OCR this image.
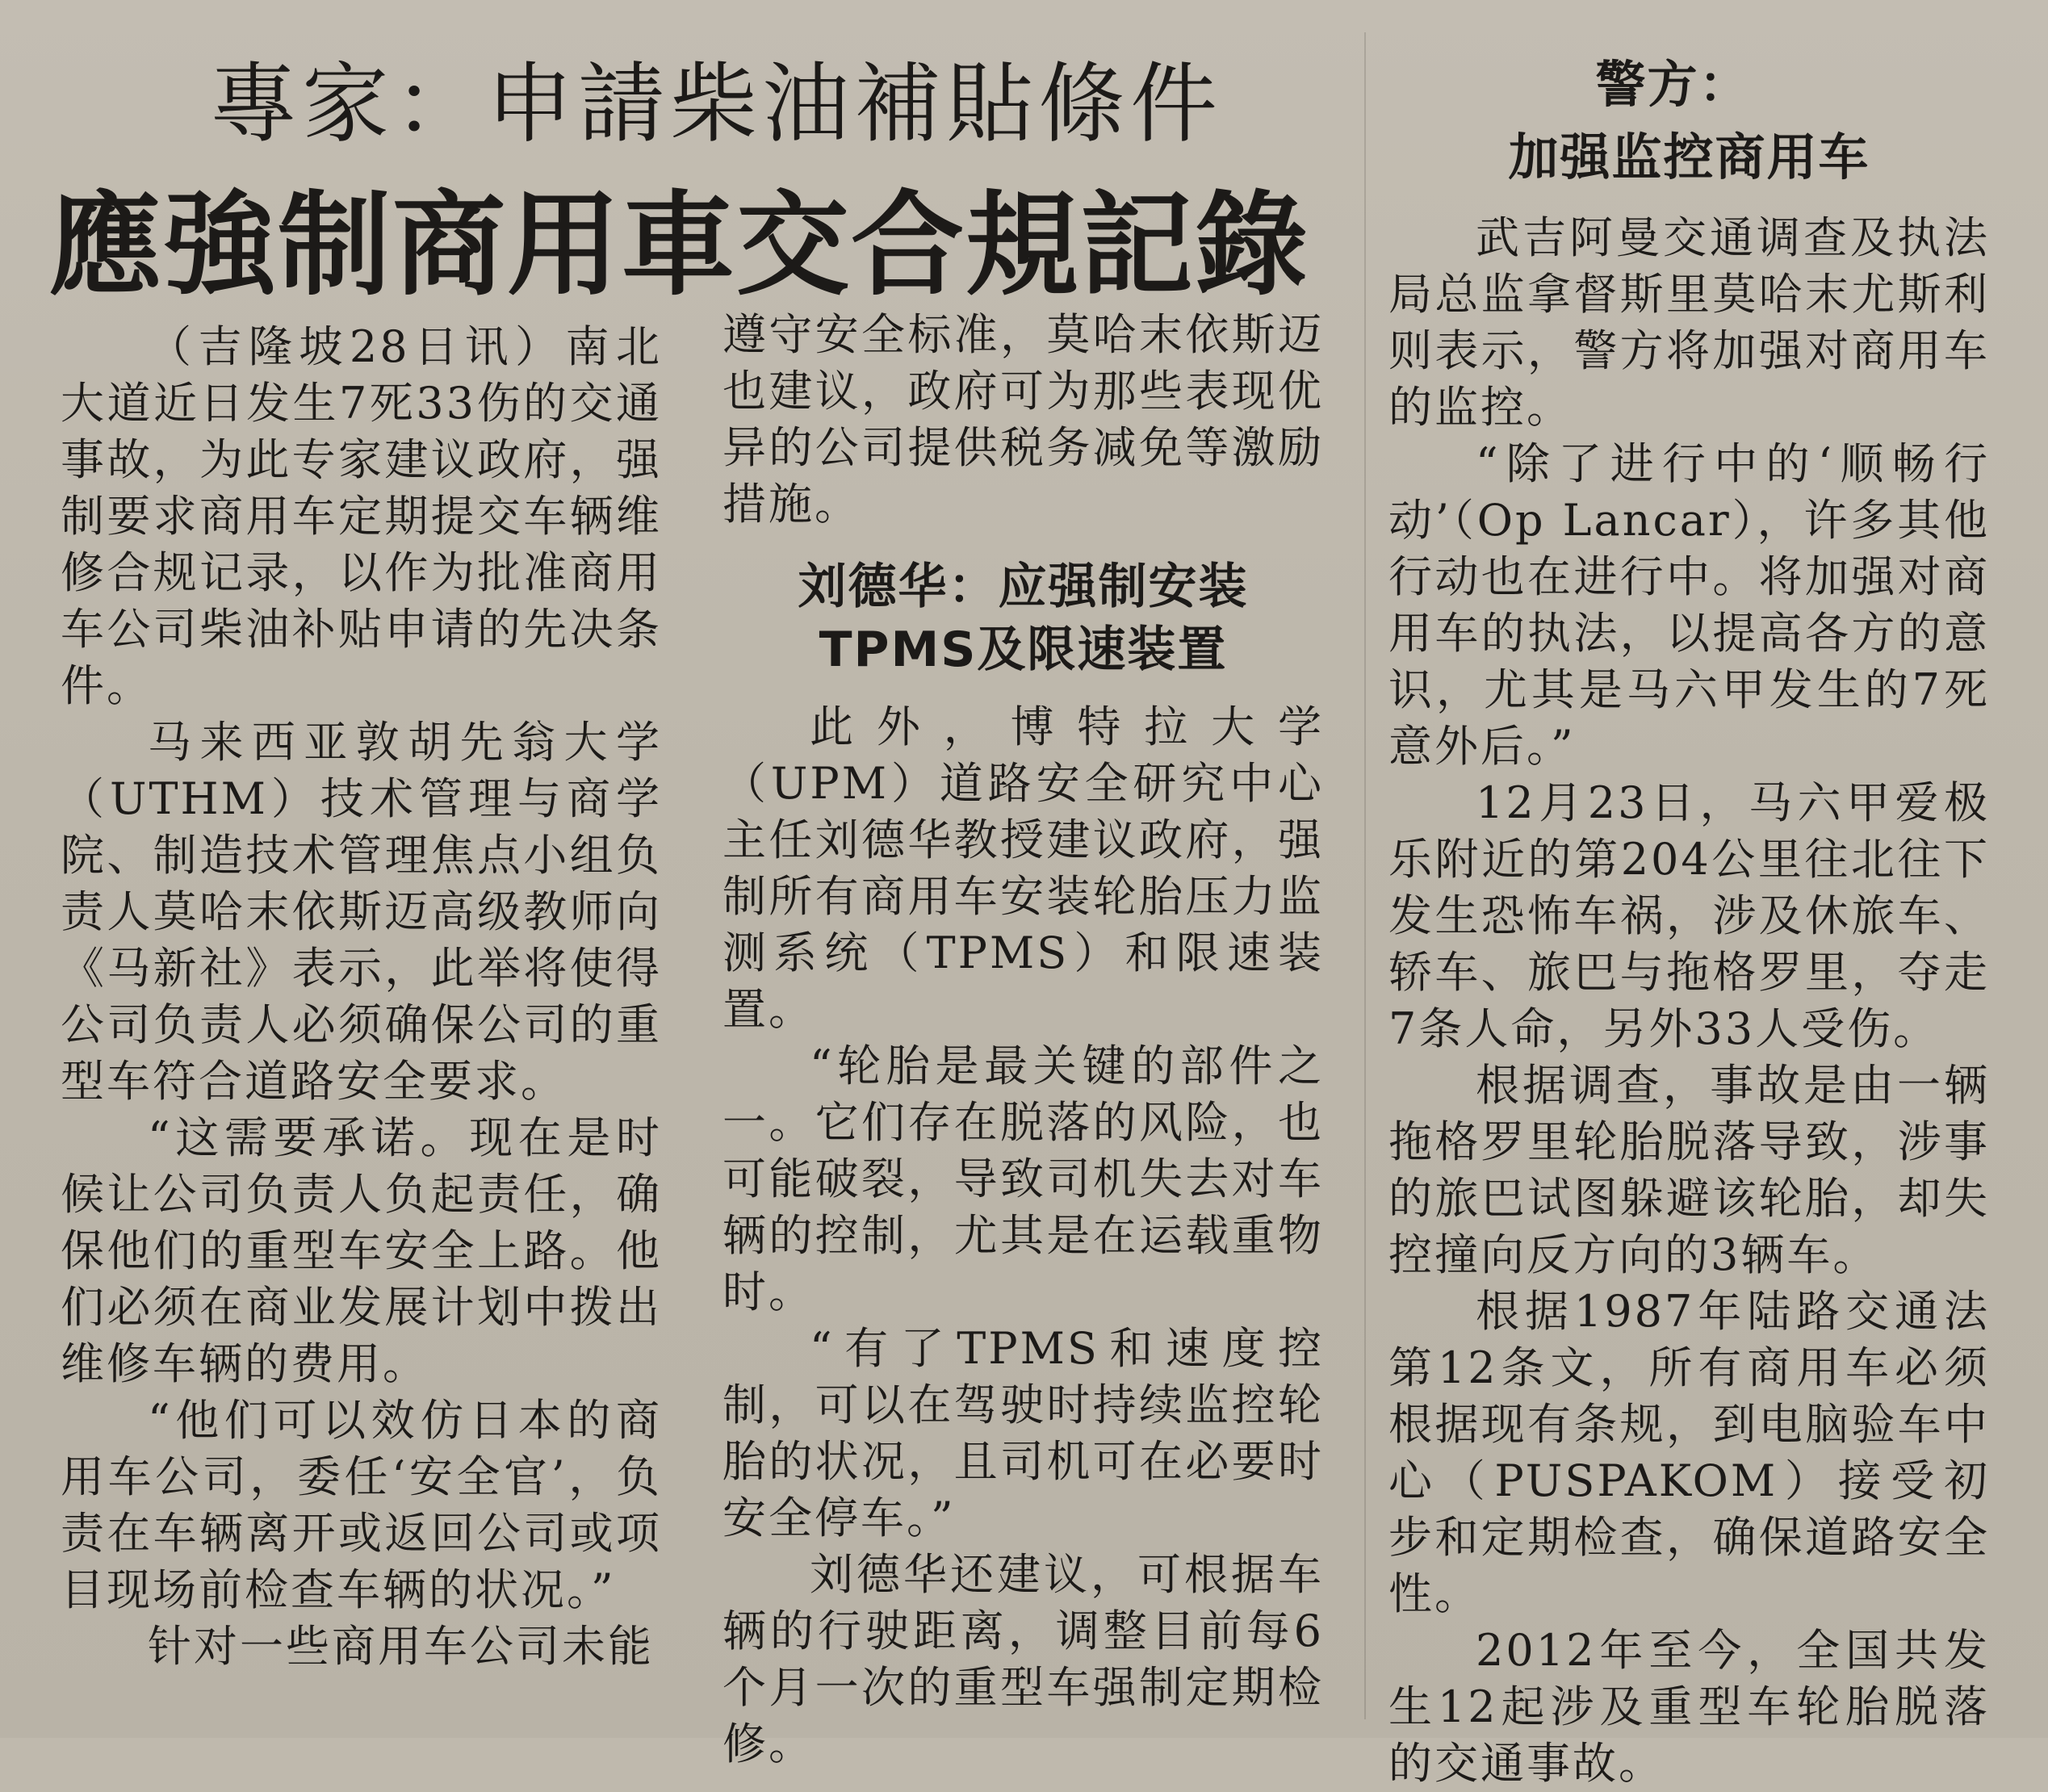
專家：申請柴油補貼條件
應強制商用車交合規記錄
警方：
加强监控商用车

（吉隆坡28日讯）南北大道近日发生7死33伤的交通事故，为此专家建议政府，强制要求商用车定期提交车辆维修合规记录，以作为批准商用车公司柴油补贴申请的先决条件。

马来西亚敦胡先翁大学（UTHM）技术管理与商学院、制造技术管理焦点小组负责人莫哈末依斯迈高级教师向《马新社》表示，此举将使得公司负责人必须确保公司的重型车符合道路安全要求。

“这需要承诺。现在是时候让公司负责人负起责任，确保他们的重型车安全上路。他们必须在商业发展计划中拨出维修车辆的费用。

“他们可以效仿日本的商用车公司，委任‘安全官’，负责在车辆离开或返回公司或项目现场前检查车辆的状况。”

针对一些商用车公司未能

遵守安全标准，莫哈末依斯迈也建议，政府可为那些表现优异的公司提供税务减免等激励措施。

刘德华：应强制安装
TPMS及限速装置

此外，博特拉大学（UPM）道路安全研究中心主任刘德华教授建议政府，强制所有商用车安装轮胎压力监测系统（TPMS）和限速装置。

“轮胎是最关键的部件之一。它们存在脱落的风险，也可能破裂，导致司机失去对车辆的控制，尤其是在运载重物时。

“有了TPMS和速度控制，可以在驾驶时持续监控轮胎的状况，且司机可在必要时安全停车。”

刘德华还建议，可根据车辆的行驶距离，调整目前每6个月一次的重型车强制定期检修。

武吉阿曼交通调查及执法局总监拿督斯里莫哈末尤斯利则表示，警方将加强对商用车的监控。

“除了进行中的‘顺畅行动’（Op Lancar），许多其他行动也在进行中。将加强对商用车的执法，以提高各方的意识，尤其是马六甲发生的7死意外后。”

12月23日，马六甲爱极乐附近的第204公里往北往下发生恐怖车祸，涉及休旅车、轿车、旅巴与拖格罗里，夺走7条人命，另外33人受伤。

根据调查，事故是由一辆拖格罗里轮胎脱落导致，涉事的旅巴试图躲避该轮胎，却失控撞向反方向的3辆车。

根据1987年陆路交通法第12条文，所有商用车必须根据现有条规，到电脑验车中心（PUSPAKOM）接受初步和定期检查，确保道路安全性。

2012年至今，全国共发生12起涉及重型车轮胎脱落的交通事故。
